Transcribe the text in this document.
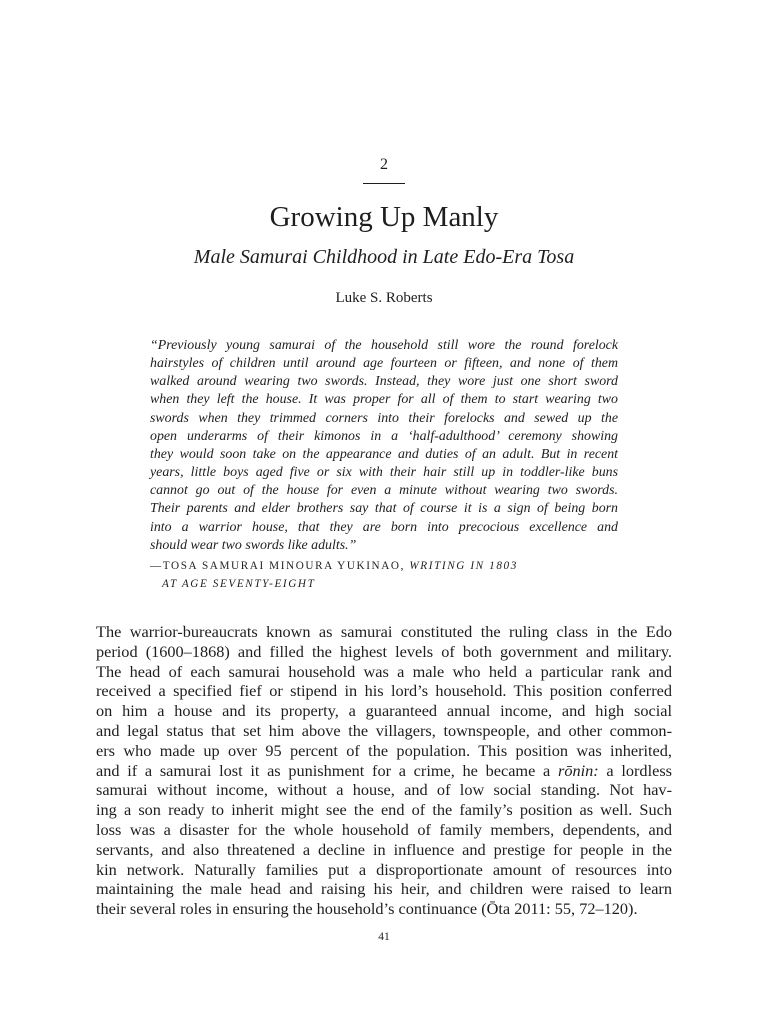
2
Growing Up Manly
Male Samurai Childhood in Late Edo-Era Tosa
Luke S. Roberts
“Previously young samurai of the household still wore the round forelock
hairstyles of children until around age fourteen or fifteen, and none of them
walked around wearing two swords. Instead, they wore just one short sword
when they left the house. It was proper for all of them to start wearing two
swords when they trimmed corners into their forelocks and sewed up the
open underarms of their kimonos in a ‘half-adulthood’ ceremony showing
they would soon take on the appearance and duties of an adult. But in recent
years, little boys aged five or six with their hair still up in toddler-like buns
cannot go out of the house for even a minute without wearing two swords.
Their parents and elder brothers say that of course it is a sign of being born
into a warrior house, that they are born into precocious excellence and
should wear two swords like adults.”
—TOSA SAMURAI MINOURA YUKINAO, WRITING IN 1803
AT AGE SEVENTY-EIGHT
The warrior-bureaucrats known as samurai constituted the ruling class in the Edo
period (1600–1868) and filled the highest levels of both government and military.
The head of each samurai household was a male who held a particular rank and
received a specified fief or stipend in his lord’s household. This position conferred
on him a house and its property, a guaranteed annual income, and high social
and legal status that set him above the villagers, townspeople, and other common-
ers who made up over 95 percent of the population. This position was inherited,
and if a samurai lost it as punishment for a crime, he became a rōnin: a lordless
samurai without income, without a house, and of low social standing. Not hav-
ing a son ready to inherit might see the end of the family’s position as well. Such
loss was a disaster for the whole household of family members, dependents, and
servants, and also threatened a decline in influence and prestige for people in the
kin network. Naturally families put a disproportionate amount of resources into
maintaining the male head and raising his heir, and children were raised to learn
their several roles in ensuring the household’s continuance (Ōta 2011: 55, 72–120).
41
